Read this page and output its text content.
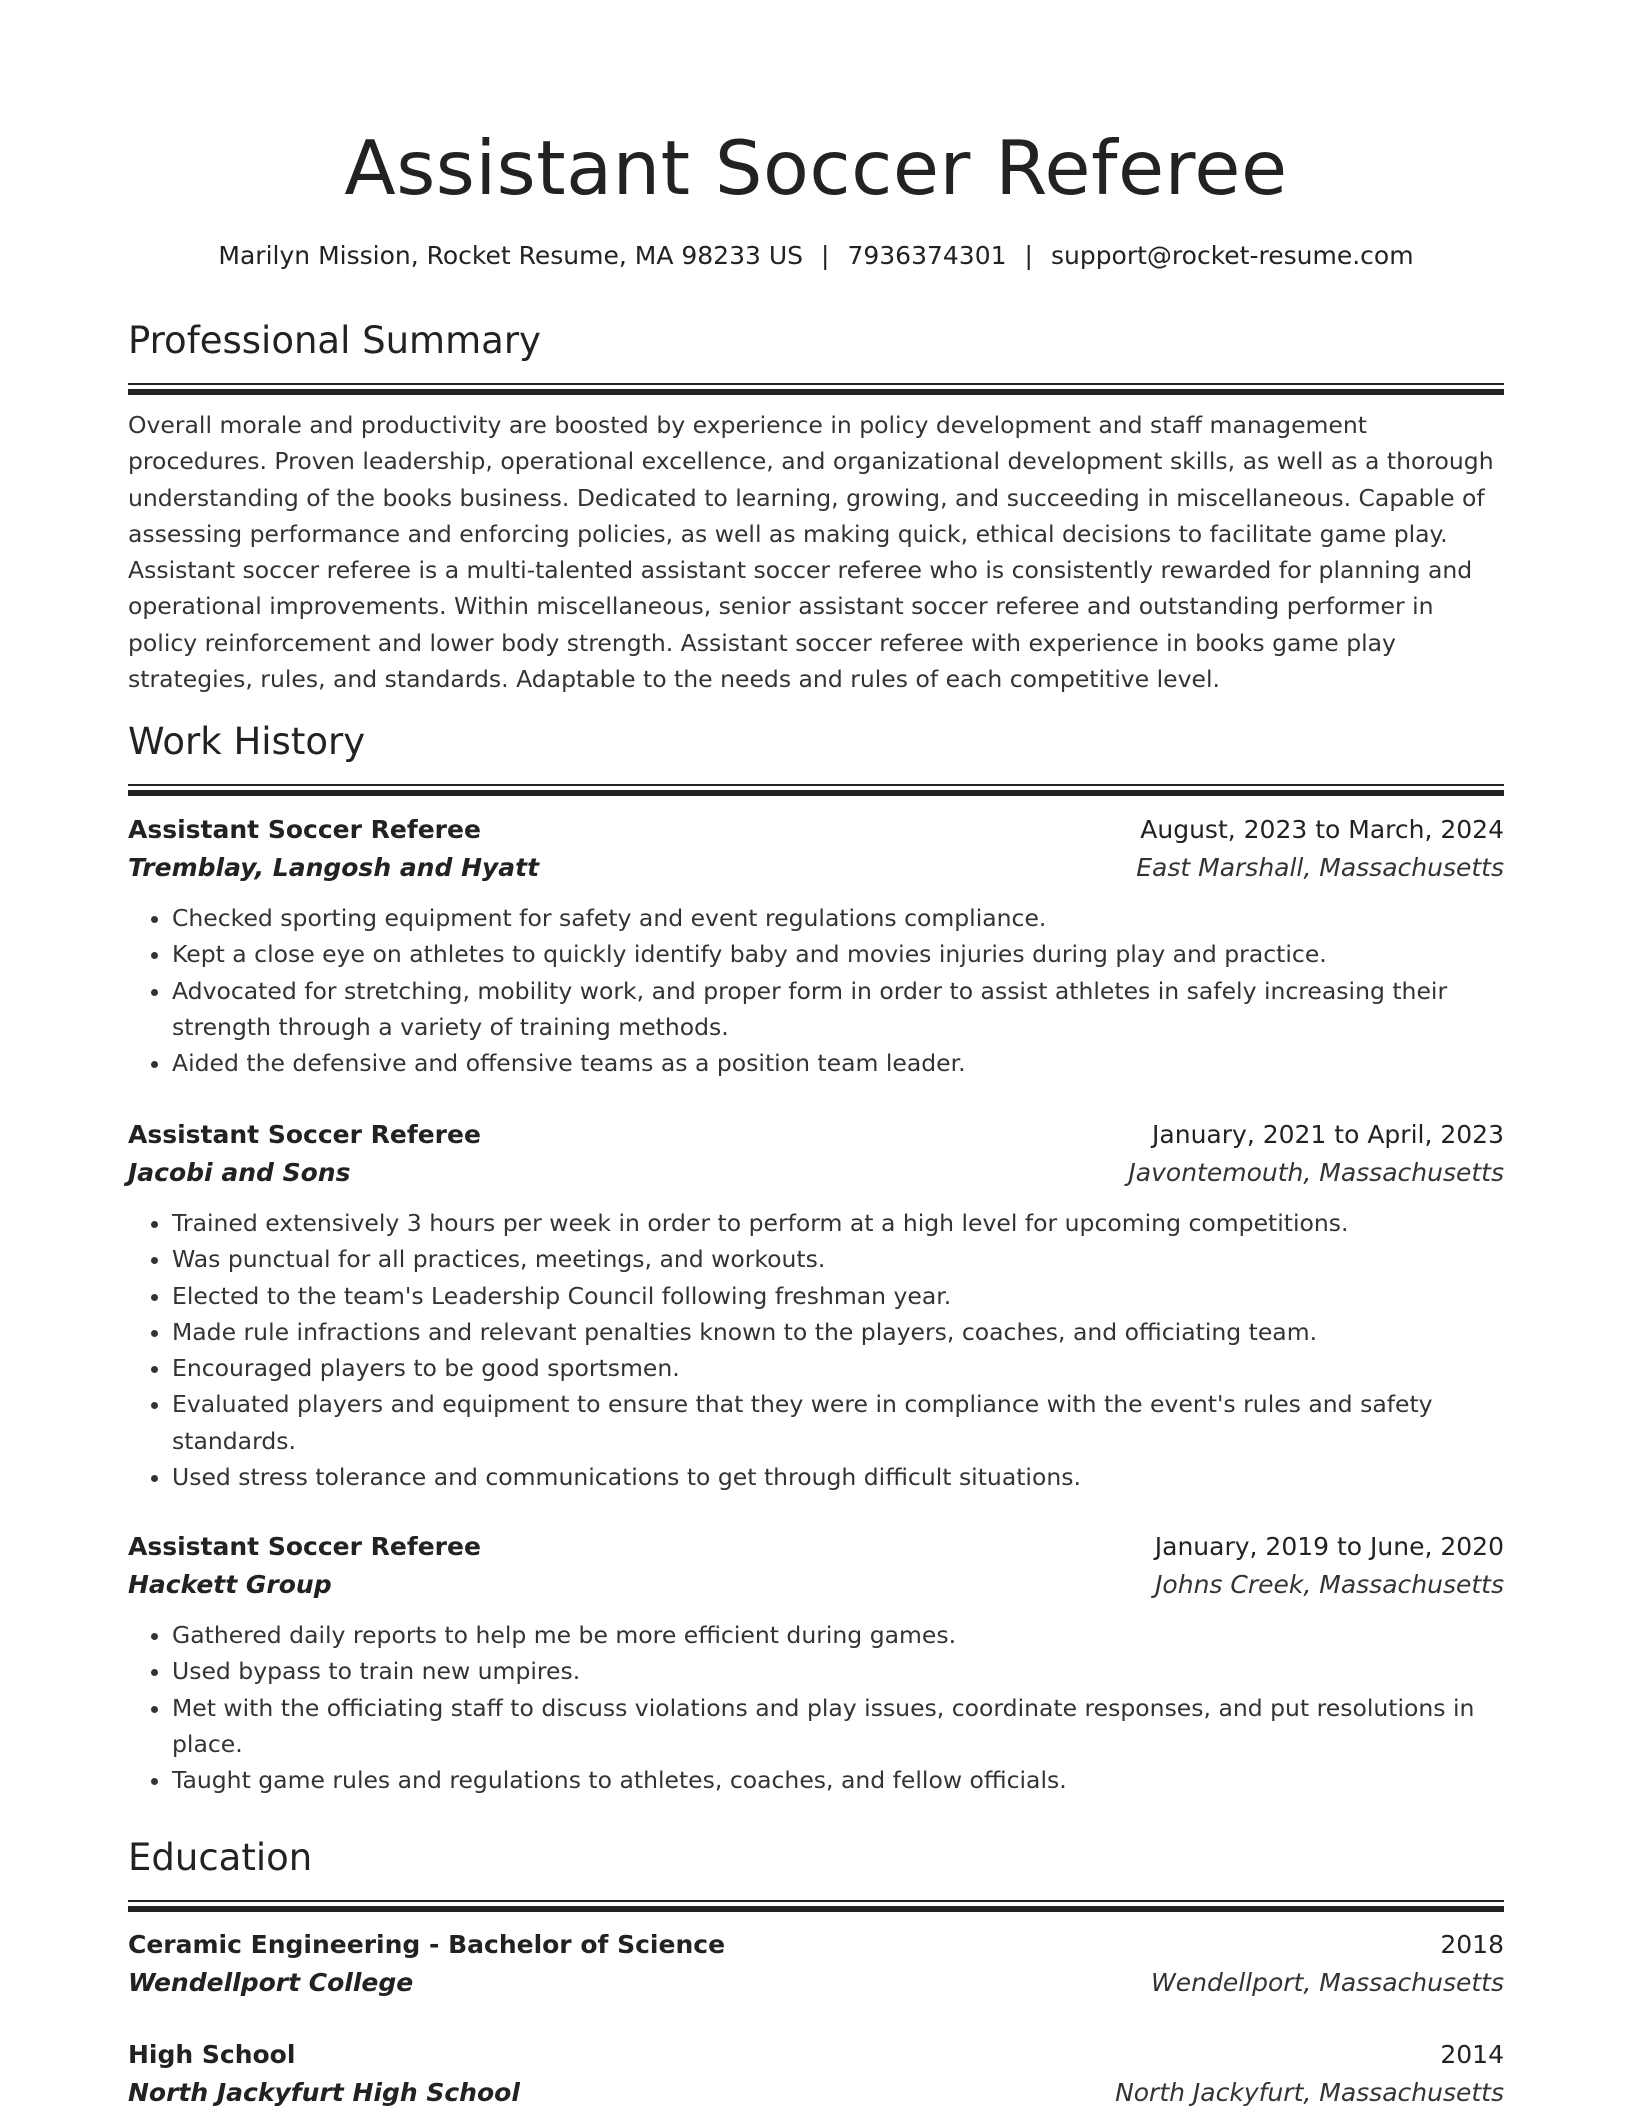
Assistant Soccer Referee
Marilyn Mission, Rocket Resume, MA 98233 US | 7936374301 | support@rocket-resume.com
Professional Summary

Overall morale and productivity are boosted by experience in policy development and staff management procedures. Proven leadership, operational excellence, and organizational development skills, as well as a thorough understanding of the books business. Dedicated to learning, growing, and succeeding in miscellaneous. Capable of assessing performance and enforcing policies, as well as making quick, ethical decisions to facilitate game play. Assistant soccer referee is a multi-talented assistant soccer referee who is consistently rewarded for planning and operational improvements. Within miscellaneous, senior assistant soccer referee and outstanding performer in policy reinforcement and lower body strength. Assistant soccer referee with experience in books game play strategies, rules, and standards. Adaptable to the needs and rules of each competitive level.

Work History
Assistant Soccer Referee	August, 2023 to March, 2024
Tremblay, Langosh and Hyatt	East Marshall, Massachusetts
• Checked sporting equipment for safety and event regulations compliance.
• Kept a close eye on athletes to quickly identify baby and movies injuries during play and practice.
• Advocated for stretching, mobility work, and proper form in order to assist athletes in safely increasing their strength through a variety of training methods.
• Aided the defensive and offensive teams as a position team leader.
Assistant Soccer Referee	January, 2021 to April, 2023
Jacobi and Sons	Javontemouth, Massachusetts
• Trained extensively 3 hours per week in order to perform at a high level for upcoming competitions.
• Was punctual for all practices, meetings, and workouts.
• Elected to the team's Leadership Council following freshman year.
• Made rule infractions and relevant penalties known to the players, coaches, and officiating team.
• Encouraged players to be good sportsmen.
• Evaluated players and equipment to ensure that they were in compliance with the event's rules and safety standards.
• Used stress tolerance and communications to get through difficult situations.
Assistant Soccer Referee	January, 2019 to June, 2020
Hackett Group	Johns Creek, Massachusetts
• Gathered daily reports to help me be more efficient during games.
• Used bypass to train new umpires.
• Met with the officiating staff to discuss violations and play issues, coordinate responses, and put resolutions in place.
• Taught game rules and regulations to athletes, coaches, and fellow officials.
Education
Ceramic Engineering - Bachelor of Science	2018
Wendellport College	Wendellport, Massachusetts
High School	2014
North Jackyfurt High School	North Jackyfurt, Massachusetts
